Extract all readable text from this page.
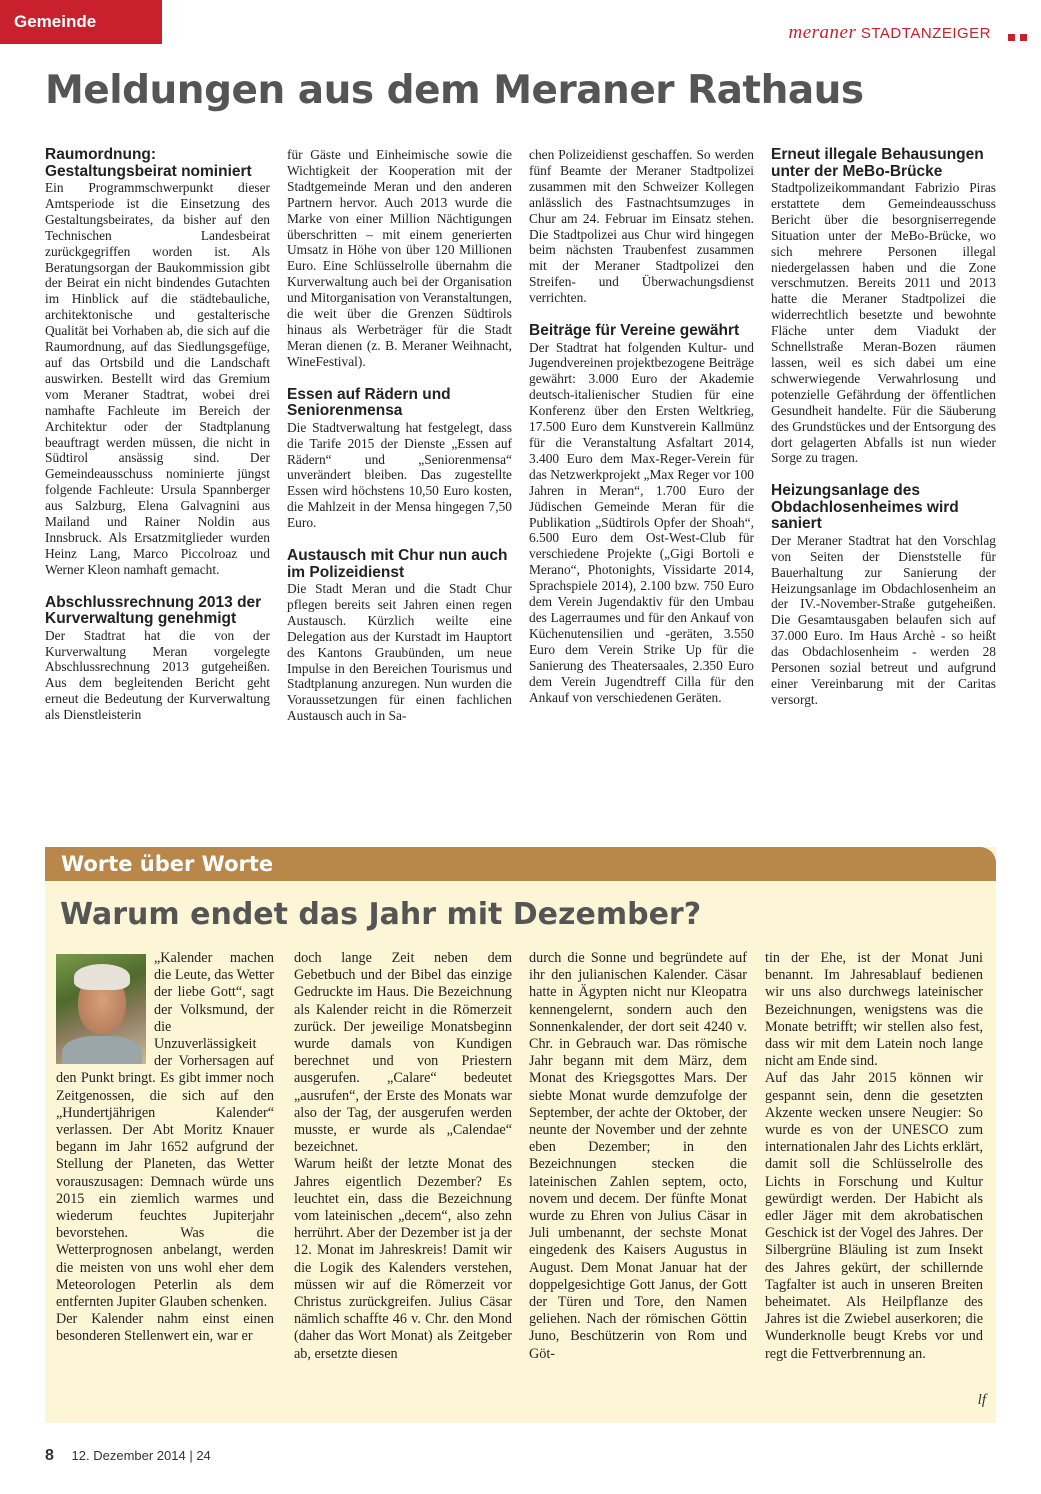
Gemeinde
meraner STADTANZEIGER
Meldungen aus dem Meraner Rathaus
Raumordnung: Gestaltungsbeirat nominiert

Ein Programmschwerpunkt dieser Amtsperiode ist die Einsetzung des Gestaltungsbeirates, da bisher auf den Technischen Landesbeirat zurückgegriffen worden ist. Als Beratungsorgan der Baukommission gibt der Beirat ein nicht bindendes Gutachten im Hinblick auf die städtebauliche, architektonische und gestalterische Qualität bei Vorhaben ab, die sich auf die Raumordnung, auf das Siedlungsgefüge, auf das Ortsbild und die Landschaft auswirken. Bestellt wird das Gremium vom Meraner Stadtrat, wobei drei namhafte Fachleute im Bereich der Architektur oder der Stadtplanung beauftragt werden müssen, die nicht in Südtirol ansässig sind. Der Gemeindeausschuss nominierte jüngst folgende Fachleute: Ursula Spannberger aus Salzburg, Elena Galvagnini aus Mailand und Rainer Noldin aus Innsbruck. Als Ersatzmitglieder wurden Heinz Lang, Marco Piccolroaz und Werner Kleon namhaft gemacht.

Abschlussrechnung 2013 der Kurverwaltung genehmigt

Der Stadtrat hat die von der Kurverwaltung Meran vorgelegte Abschlussrechnung 2013 gutgeheißen. Aus dem begleitenden Bericht geht erneut die Bedeutung der Kurverwaltung als Dienstleisterin

für Gäste und Einheimische sowie die Wichtigkeit der Kooperation mit der Stadtgemeinde Meran und den anderen Partnern hervor. Auch 2013 wurde die Marke von einer Million Nächtigungen überschritten – mit einem generierten Umsatz in Höhe von über 120 Millionen Euro. Eine Schlüsselrolle übernahm die Kurverwaltung auch bei der Organisation und Mitorganisation von Veranstaltungen, die weit über die Grenzen Südtirols hinaus als Werbeträger für die Stadt Meran dienen (z. B. Meraner Weihnacht, WineFestival).

Essen auf Rädern und Seniorenmensa

Die Stadtverwaltung hat festgelegt, dass die Tarife 2015 der Dienste „Essen auf Rädern“ und „Seniorenmensa“ unverändert bleiben. Das zugestellte Essen wird höchstens 10,50 Euro kosten, die Mahlzeit in der Mensa hingegen 7,50 Euro.

Austausch mit Chur nun auch im Polizeidienst

Die Stadt Meran und die Stadt Chur pflegen bereits seit Jahren einen regen Austausch. Kürzlich weilte eine Delegation aus der Kurstadt im Hauptort des Kantons Graubünden, um neue Impulse in den Bereichen Tourismus und Stadtplanung anzuregen. Nun wurden die Voraussetzungen für einen fachlichen Austausch auch in Sa-

chen Polizeidienst geschaffen. So werden fünf Beamte der Meraner Stadtpolizei zusammen mit den Schweizer Kollegen anlässlich des Fastnachtsumzuges in Chur am 24. Februar im Einsatz stehen. Die Stadtpolizei aus Chur wird hingegen beim nächsten Traubenfest zusammen mit der Meraner Stadtpolizei den Streifen- und Überwachungsdienst verrichten.

Beiträge für Vereine gewährt

Der Stadtrat hat folgenden Kultur- und Jugendvereinen projektbezogene Beiträge gewährt: 3.000 Euro der Akademie deutsch-italienischer Studien für eine Konferenz über den Ersten Weltkrieg, 17.500 Euro dem Kunstverein Kallmünz für die Veranstaltung Asfaltart 2014, 3.400 Euro dem Max-Reger-Verein für das Netzwerkprojekt „Max Reger vor 100 Jahren in Meran“, 1.700 Euro der Jüdischen Gemeinde Meran für die Publikation „Südtirols Opfer der Shoah“, 6.500 Euro dem Ost-West-Club für verschiedene Projekte („Gigi Bortoli e Merano“, Photonights, Vissidarte 2014, Sprachspiele 2014), 2.100 bzw. 750 Euro dem Verein Jugendaktiv für den Umbau des Lagerraumes und für den Ankauf von Küchenutensilien und -geräten, 3.550 Euro dem Verein Strike Up für die Sanierung des Theatersaales, 2.350 Euro dem Verein Jugendtreff Cilla für den Ankauf von verschiedenen Geräten.

Erneut illegale Behausungen unter der MeBo-Brücke

Stadtpolizeikommandant Fabrizio Piras erstattete dem Gemeindeausschuss Bericht über die besorgniserregende Situation unter der MeBo-Brücke, wo sich mehrere Personen illegal niedergelassen haben und die Zone verschmutzen. Bereits 2011 und 2013 hatte die Meraner Stadtpolizei die widerrechtlich besetzte und bewohnte Fläche unter dem Viadukt der Schnellstraße Meran-Bozen räumen lassen, weil es sich dabei um eine schwerwiegende Verwahrlosung und potenzielle Gefährdung der öffentlichen Gesundheit handelte. Für die Säuberung des Grundstückes und der Entsorgung des dort gelagerten Abfalls ist nun wieder Sorge zu tragen.

Heizungsanlage des Obdachlosenheimes wird saniert

Der Meraner Stadtrat hat den Vorschlag von Seiten der Dienststelle für Bauerhaltung zur Sanierung der Heizungsanlage im Obdachlosenheim an der IV.-November-Straße gutgeheißen. Die Gesamtausgaben belaufen sich auf 37.000 Euro. Im Haus Archè - so heißt das Obdachlosenheim - werden 28 Personen sozial betreut und aufgrund einer Vereinbarung mit der Caritas versorgt.

Worte über Worte
Warum endet das Jahr mit Dezember?

„Kalender machen die Leute, das Wetter der liebe Gott“, sagt der Volksmund, der die Unzuverlässigkeit der Vorhersagen auf den Punkt bringt. Es gibt immer noch Zeitgenossen, die sich auf den „Hundertjährigen Kalender“ verlassen. Der Abt Moritz Knauer begann im Jahr 1652 aufgrund der Stellung der Planeten, das Wetter vorauszusagen: Demnach würde uns 2015 ein ziemlich warmes und wiederum feuchtes Jupiterjahr bevorstehen. Was die Wetterprognosen anbelangt, werden die meisten von uns wohl eher dem Meteorologen Peterlin als dem entfernten Jupiter Glauben schenken.

Der Kalender nahm einst einen besonderen Stellenwert ein, war er

doch lange Zeit neben dem Gebetbuch und der Bibel das einzige Gedruckte im Haus. Die Bezeichnung als Kalender reicht in die Römerzeit zurück. Der jeweilige Monatsbeginn wurde damals von Kundigen berechnet und von Priestern ausgerufen. „Calare“ bedeutet „ausrufen“, der Erste des Monats war also der Tag, der ausgerufen werden musste, er wurde als „Calendae“ bezeichnet.

Warum heißt der letzte Monat des Jahres eigentlich Dezember? Es leuchtet ein, dass die Bezeichnung vom lateinischen „decem“, also zehn herrührt. Aber der Dezember ist ja der 12. Monat im Jahreskreis! Damit wir die Logik des Kalenders verstehen, müssen wir auf die Römerzeit vor Christus zurückgreifen. Julius Cäsar nämlich schaffte 46 v. Chr. den Mond (daher das Wort Monat) als Zeitgeber ab, ersetzte diesen

durch die Sonne und begründete auf ihr den julianischen Kalender. Cäsar hatte in Ägypten nicht nur Kleopatra kennengelernt, sondern auch den Sonnenkalender, der dort seit 4240 v. Chr. in Gebrauch war. Das römische Jahr begann mit dem März, dem Monat des Kriegsgottes Mars. Der siebte Monat wurde demzufolge der September, der achte der Oktober, der neunte der November und der zehnte eben Dezember; in den Bezeichnungen stecken die lateinischen Zahlen septem, octo, novem und decem. Der fünfte Monat wurde zu Ehren von Julius Cäsar in Juli umbenannt, der sechste Monat eingedenk des Kaisers Augustus in August. Dem Monat Januar hat der doppelgesichtige Gott Janus, der Gott der Türen und Tore, den Namen geliehen. Nach der römischen Göttin Juno, Beschützerin von Rom und Göt-

tin der Ehe, ist der Monat Juni benannt. Im Jahresablauf bedienen wir uns also durchwegs lateinischer Bezeichnungen, wenigstens was die Monate betrifft; wir stellen also fest, dass wir mit dem Latein noch lange nicht am Ende sind.

Auf das Jahr 2015 können wir gespannt sein, denn die gesetzten Akzente wecken unsere Neugier: So wurde es von der UNESCO zum internationalen Jahr des Lichts erklärt, damit soll die Schlüsselrolle des Lichts in Forschung und Kultur gewürdigt werden. Der Habicht als edler Jäger mit dem akrobatischen Geschick ist der Vogel des Jahres. Der Silbergrüne Bläuling ist zum Insekt des Jahres gekürt, der schillernde Tagfalter ist auch in unseren Breiten beheimatet. Als Heilpflanze des Jahres ist die Zwiebel auserkoren; die Wunderknolle beugt Krebs vor und regt die Fettverbrennung an.

lf
8 12. Dezember 2014 | 24
